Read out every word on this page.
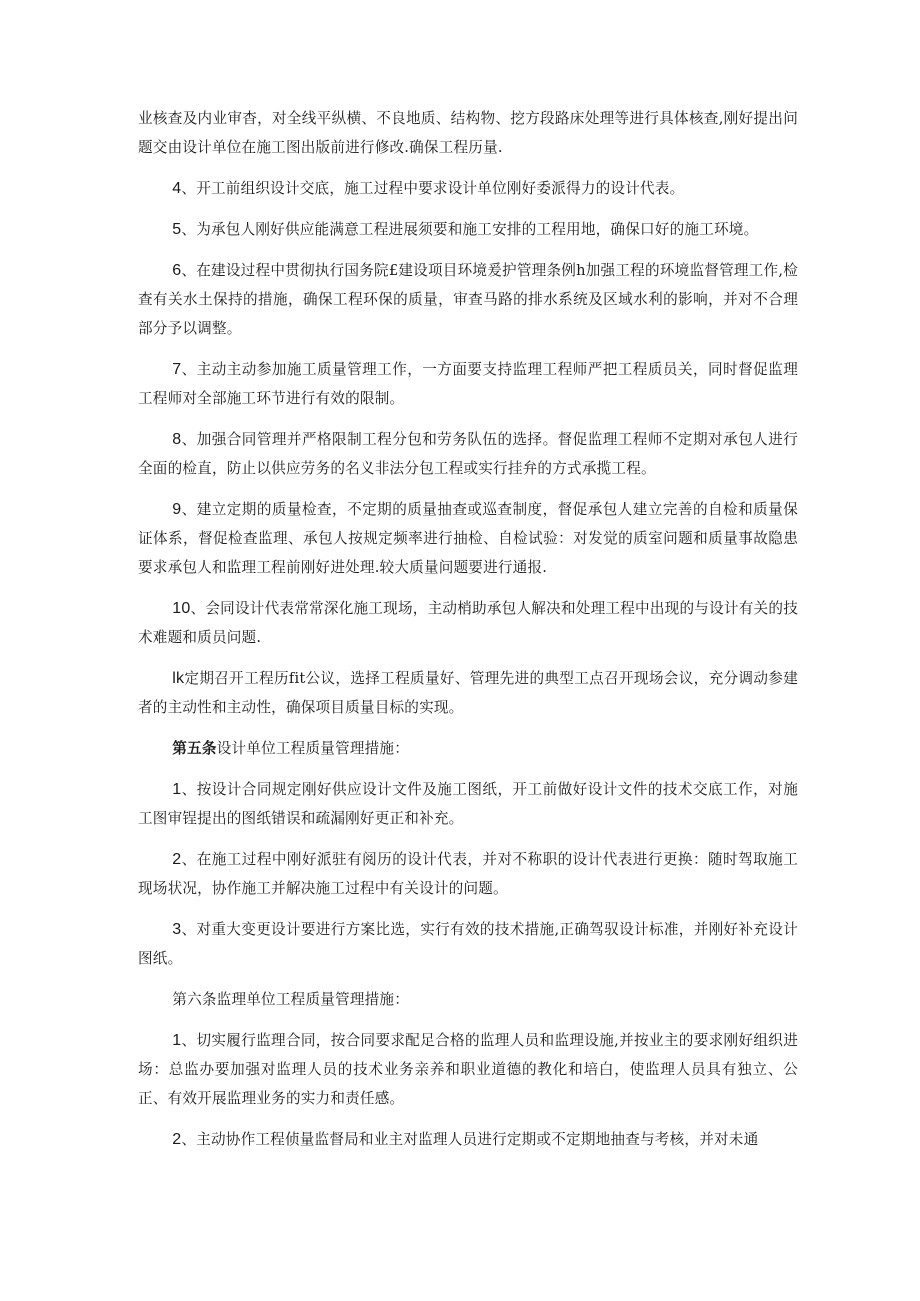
业核查及内业审杳，对全线平纵横、不良地质、结构物、挖方段路床处理等进行具体核查,刚好提出问题交由设计单位在施工图出版前进行修改.确保工程历量.

4、开工前组织设计交底，施工过程中要求设计单位刚好委派得力的设计代表。

5、为承包人刚好供应能满意工程进展须要和施工安排的工程用地，确保口好的施工环境。

6、在建设过程中贯彻执行国务院£建设项目环境爰护管理条例h加强工程的环境监督管理工作,检查有关水土保持的措施，确保工程环保的质量，审查马路的排水系统及区域水利的影响，并对不合理部分予以调整。

7、主动主动参加施工质量管理工作，一方面要支持监理工程师严把工程质员关，同时督促监理工程师对全部施工环节进行有效的限制。

8、加强合同管理并严格限制工程分包和劳务队伍的选择。督促监理工程师不定期对承包人进行全面的检直，防止以供应劳务的名义非法分包工程或实行挂弁的方式承揽工程。

9、建立定期的质量检查，不定期的质量抽查或巡查制度，督促承包人建立完善的自检和质量保证体系，督促检查监理、承包人按规定频率进行抽检、自检试验：对发觉的质室问题和质量事故隐患要求承包人和监理工程前刚好进处理.较大质量问题要进行通报.

10、会同设计代表常常深化施工现场，主动梢助承包人解决和处理工程中出现的与设计有关的技术难题和质员问题.

lk定期召开工程历fit公议，选择工程质量好、管理先进的典型工点召开现场会议，充分调动参建者的主动性和主动性，确保项目质量目标的实现。

第五条设计单位工程质量管理措施：

1、按设计合同规定刚好供应设计文件及施工图纸，开工前做好设计文件的技术交底工作，对施工图审锃提出的图纸错误和疏漏刚好更正和补充。

2、在施工过程中刚好派驻有阅历的设计代表，并对不称职的设计代表进行更换：随时驾取施工现场状况，协作施工并解决施工过程中有关设计的问题。

3、对重大变更设计要进行方案比选，实行有效的技术措施,正确驾驭设计标准，并刚好补充设计图纸。

第六条监理单位工程质量管理措施：

1、切实履行监理合同，按合同要求配足合格的监理人员和监理设施,并按业主的要求刚好组织进场：总监办要加强对监理人员的技术业务亲养和职业道德的教化和培白，使监理人员具有独立、公正、有效开展监理业务的实力和责任感。

2、主动协作工程侦量监督局和业主对监理人员进行定期或不定期地抽查与考核，并对未通
